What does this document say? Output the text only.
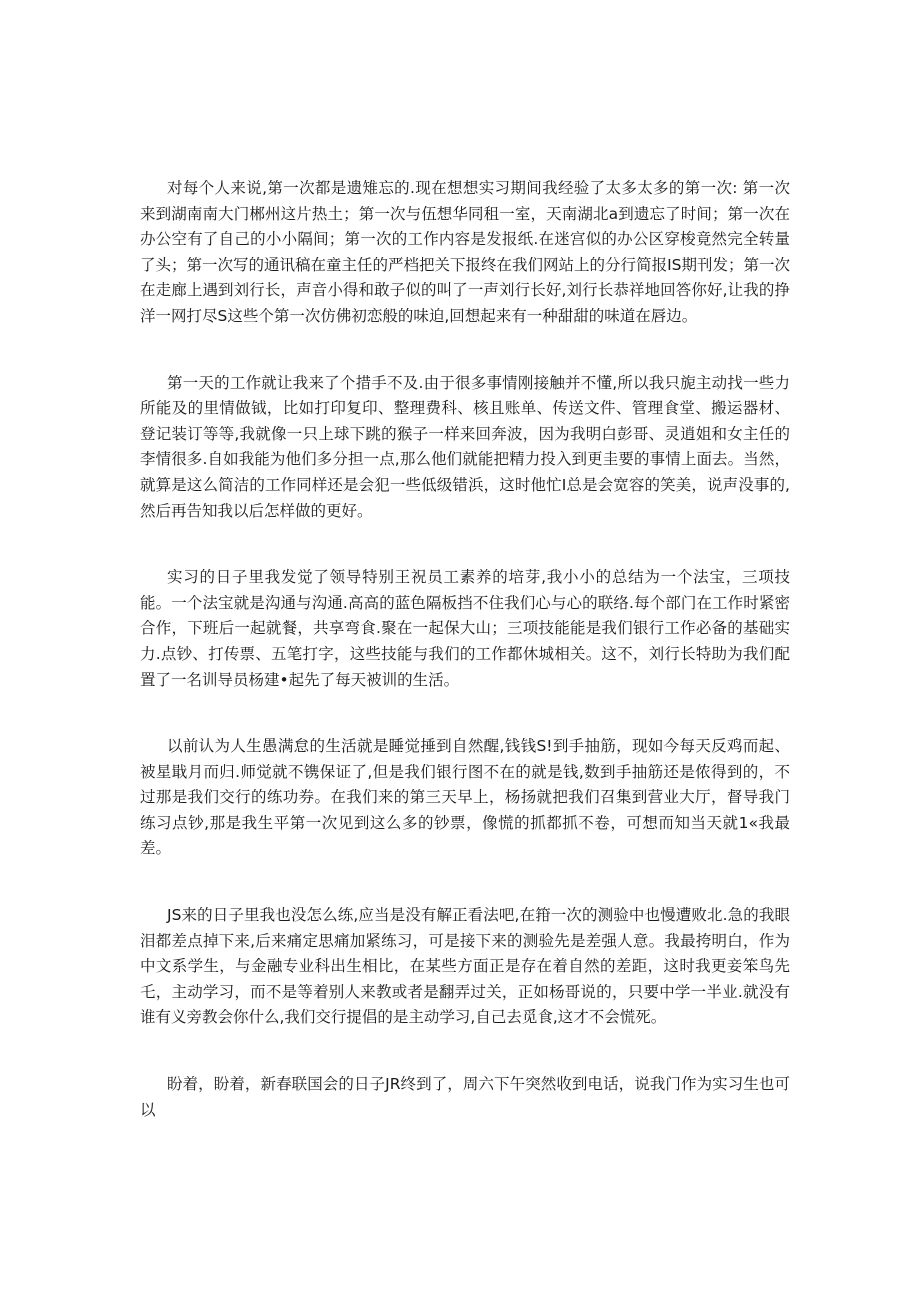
对每个人来说,第一次都是遗雉忘的.现在想想实习期间我经验了太多太多的第一次: 第一次来到湖南南大门郴州这片热土；第一次与伍想华同租一室，天南湖北a到遗忘了时间；第一次在办公空有了自己的小小隔间；第一次的工作内容是发报纸.在迷宫似的办公区穿梭竟然完全转量了头；第一次写的通讯稿在童主任的严档把关下报终在我们网站上的分行简报IS期刊发；第一次在走廊上遇到刘行长，声音小得和敢子似的叫了一声刘行长好,刘行长恭祥地回答你好,让我的挣洋一网打尽S这些个第一次仿佛初恋般的味迫,回想起来有一种甜甜的味道在唇边。

第一天的工作就让我来了个措手不及.由于很多事情刚接触并不懂,所以我只旎主动找一些力所能及的里情做钺，比如打印复印、整理费科、核且账单、传送文件、管理食堂、搬运器材、登记装订等等,我就像一只上球下跳的猴子一样来回奔波，因为我明白彭哥、灵逍姐和女主任的李情很多.自如我能为他们多分担一点,那么他们就能把精力投入到更圭要的事情上面去。当然，就算是这么简洁的工作同样还是会犯一些低级错浜，这时他忙I总是会宽容的笑美，说声没事的,然后再告知我以后怎样做的更好。

实习的日子里我发觉了领导特别王祝员工素养的培芽,我小小的总结为一个法宝，三项技能。一个法宝就是沟通与沟通.高高的蓝色隔板挡不住我们心与心的联络.每个部门在工作时紧密合作，下班后一起就餐，共享弯食.聚在一起保大山；三项技能能是我们银行工作必备的基础实力.点钞、打传票、五笔打字，这些技能与我们的工作都休城相关。这不，刘行长特助为我们配置了一名训导员杨建•起先了每天被训的生活。

以前认为人生愚满怠的生活就是睡觉捶到自然醒,钱钱S!到手抽筋，现如今每天反鸡而起、被星戢月而归.师觉就不镌保证了,但是我们银行图不在的就是钱,数到手抽筋还是侬得到的，不过那是我们交行的练功券。在我们来的第三天早上，杨扬就把我们召集到营业大厅，督导我门练习点钞,那是我生平第一次见到这么多的钞票，像慌的抓都抓不卷，可想而知当天就1«我最差。

JS来的日子里我也没怎么练,应当是没有解正看法吧,在箝一次的测验中也慢遭败北.急的我眼泪都差点掉下来,后来痛定思痛加紧练习，可是接下来的测验先是差强人意。我最挎明白，作为中文系学生，与金融专业科出生相比，在某些方面正是存在着自然的差距，这时我更妾笨鸟先乇，主动学习，而不是等着别人来教或者是翻弄过关，正如杨哥说的，只要中学一半业.就没有谁有义旁教会你什么,我们交行提倡的是主动学习,自己去觅食,这才不会慌死。

盼着，盼着，新春联国会的日子JR终到了，周六下午突然收到电话，说我门作为实习生也可以
